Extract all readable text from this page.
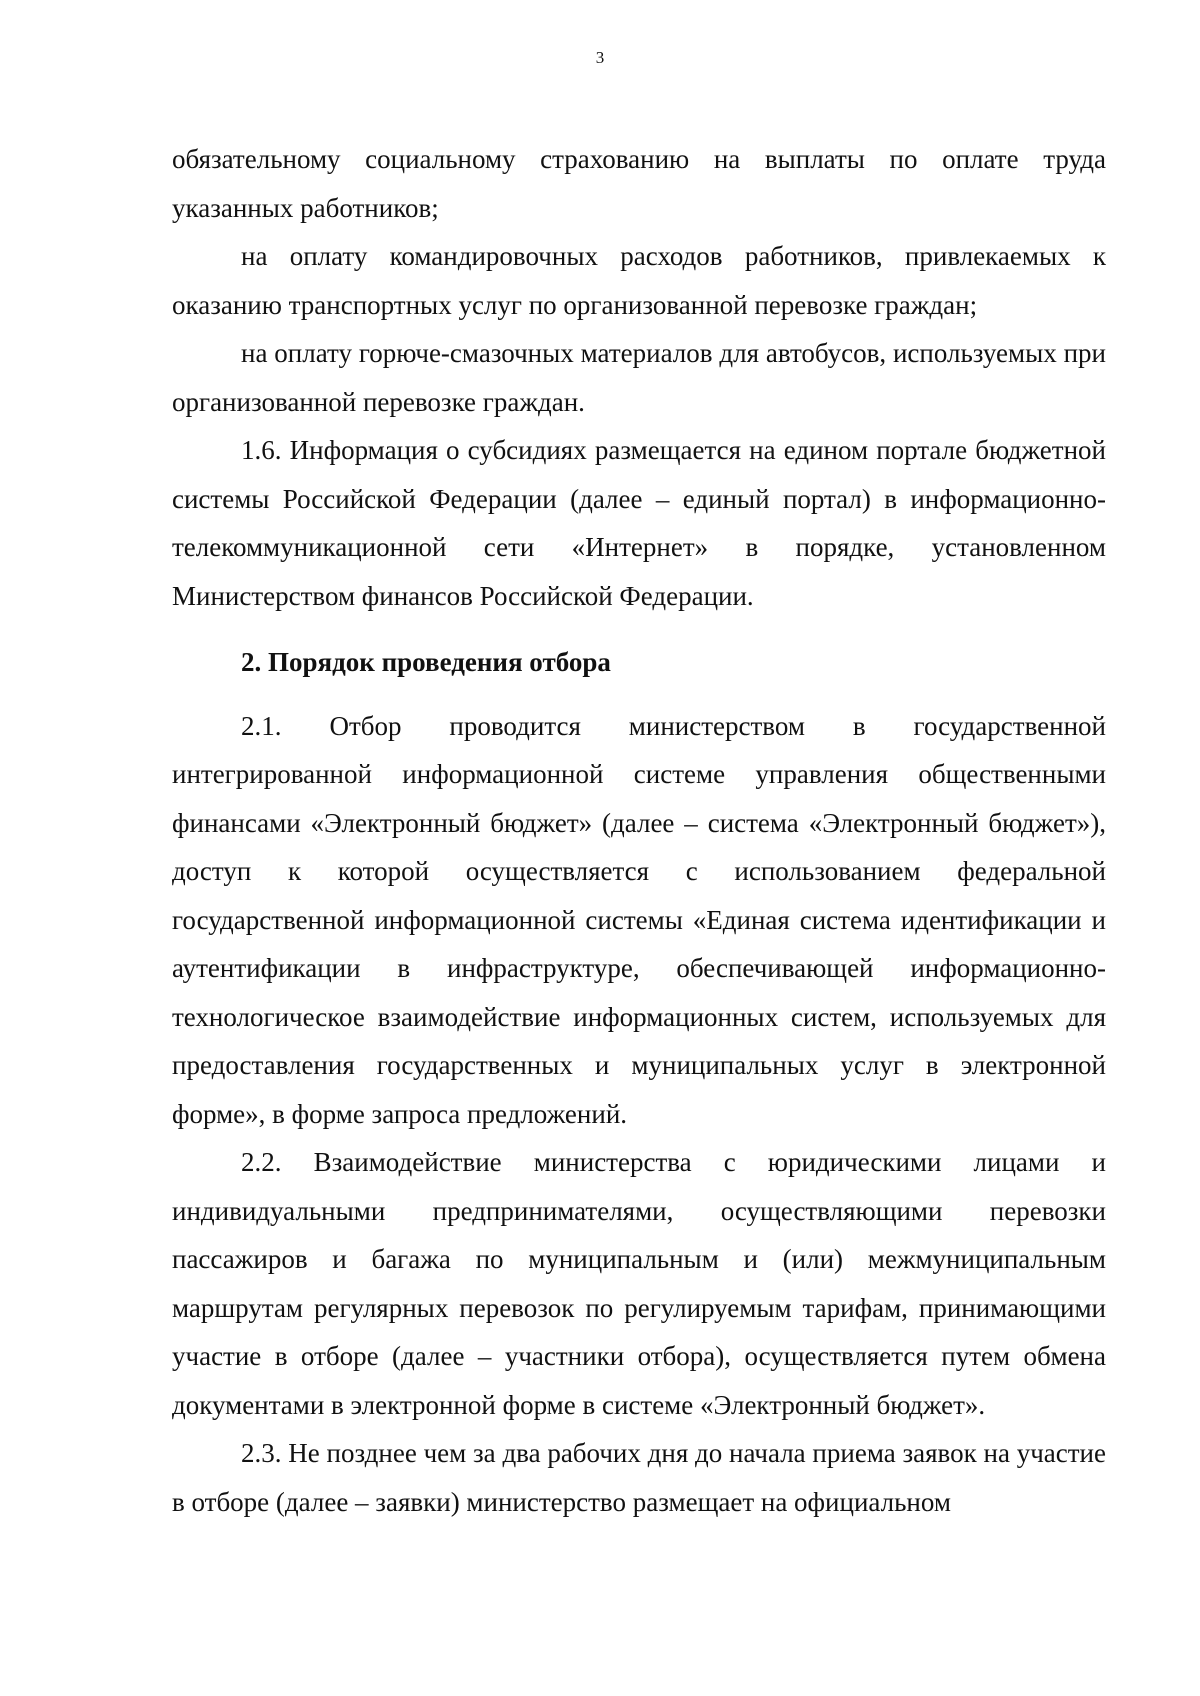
3

обязательному социальному страхованию на выплаты по оплате труда указанных работников;

на оплату командировочных расходов работников, привлекаемых к оказанию транспортных услуг по организованной перевозке граждан;

на оплату горюче-смазочных материалов для автобусов, используемых при организованной перевозке граждан.

1.6. Информация о субсидиях размещается на едином портале бюджетной системы Российской Федерации (далее – единый портал) в информационно-телекоммуникационной сети «Интернет» в порядке, установленном Министерством финансов Российской Федерации.

2. Порядок проведения отбора

2.1. Отбор проводится министерством в государственной интегрированной информационной системе управления общественными финансами «Электронный бюджет» (далее – система «Электронный бюджет»), доступ к которой осуществляется с использованием федеральной государственной информационной системы «Единая система идентификации и аутентификации в инфраструктуре, обеспечивающей информационно-технологическое взаимодействие информационных систем, используемых для предоставления государственных и муниципальных услуг в электронной форме», в форме запроса предложений.

2.2. Взаимодействие министерства с юридическими лицами и индивидуальными предпринимателями, осуществляющими перевозки пассажиров и багажа по муниципальным и (или) межмуниципальным маршрутам регулярных перевозок по регулируемым тарифам, принимающими участие в отборе (далее – участники отбора), осуществляется путем обмена документами в электронной форме в системе «Электронный бюджет».

2.3. Не позднее чем за два рабочих дня до начала приема заявок на участие в отборе (далее – заявки) министерство размещает на официальном
